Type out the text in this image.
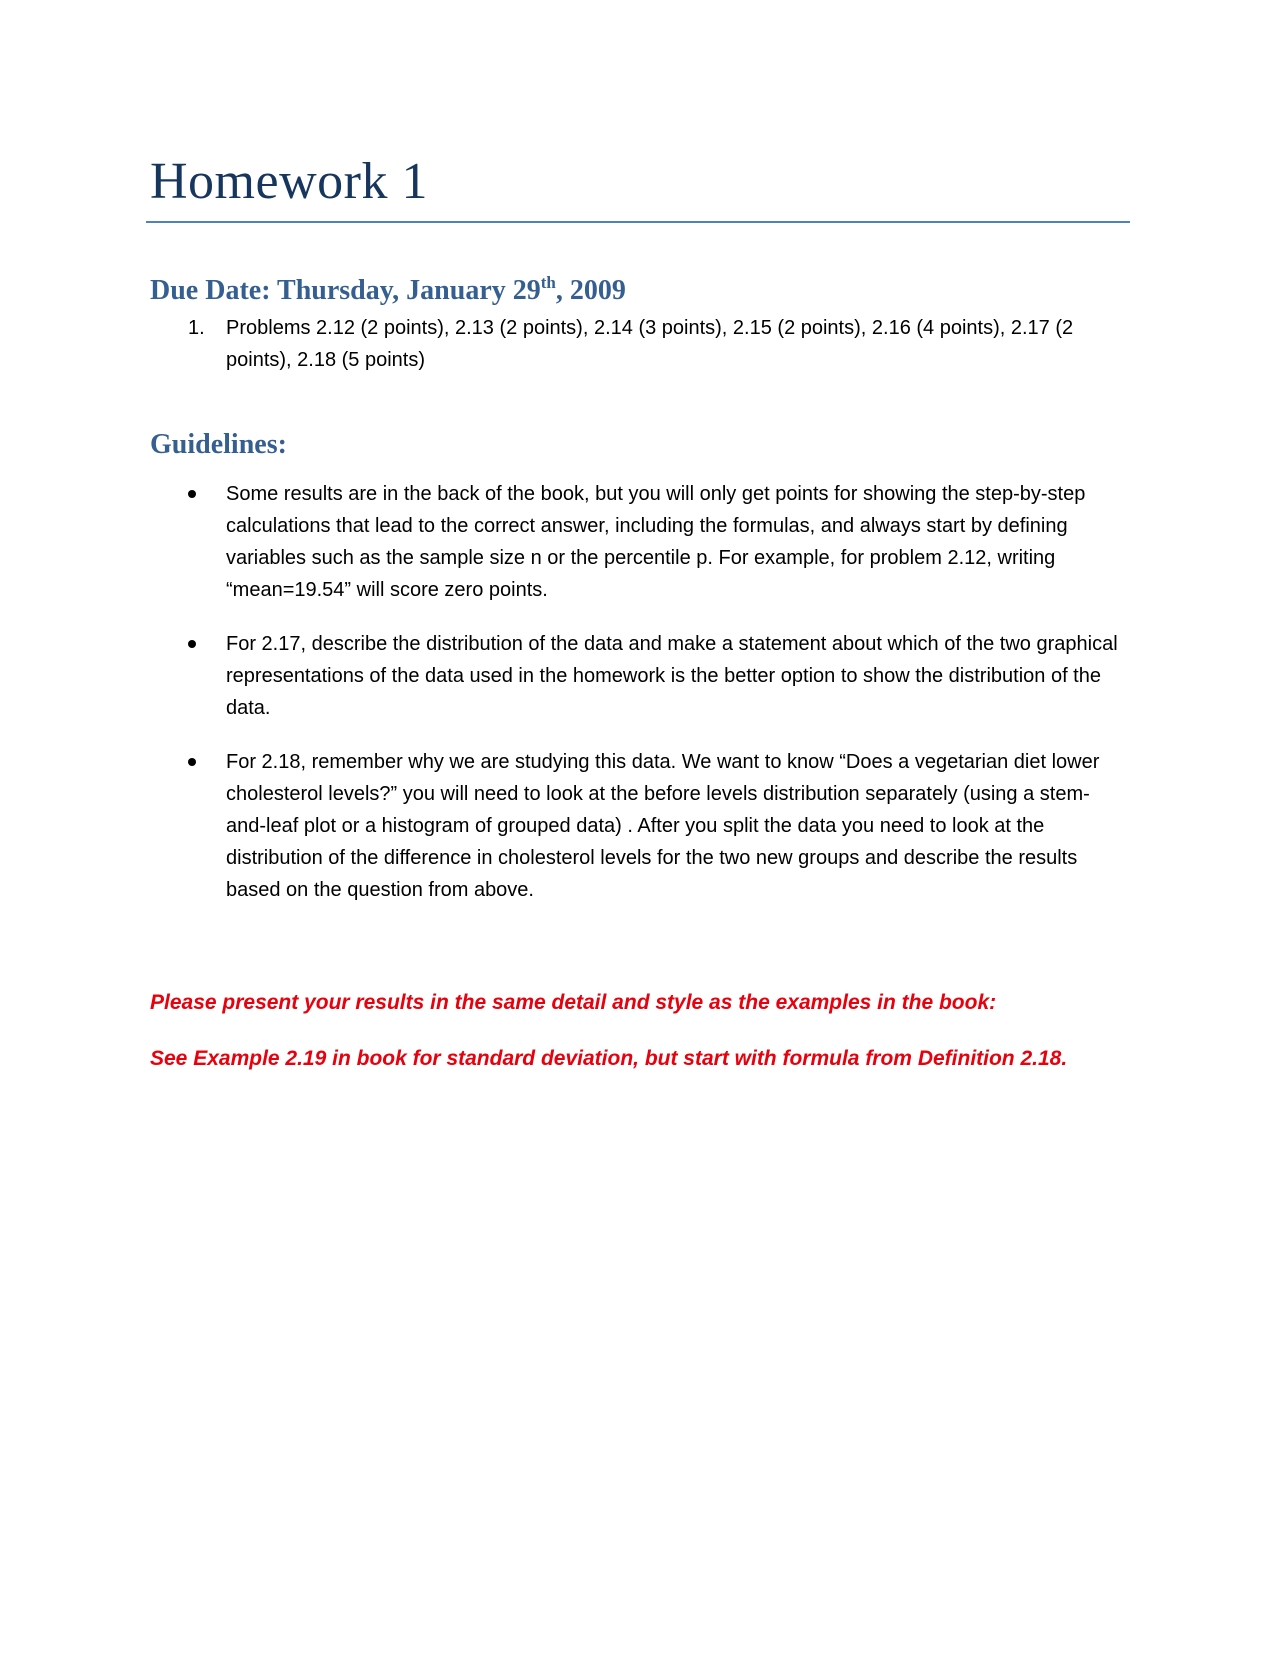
Homework 1
Due Date: Thursday, January 29th, 2009
1. Problems 2.12 (2 points), 2.13 (2 points), 2.14 (3 points), 2.15 (2 points), 2.16 (4 points), 2.17 (2 points), 2.18 (5 points)
Guidelines:
Some results are in the back of the book, but you will only get points for showing the step-by-step calculations that lead to the correct answer, including the formulas, and always start by defining variables such as the sample size n or the percentile p. For example, for problem 2.12, writing “mean=19.54” will score zero points.
For 2.17, describe the distribution of the data and make a statement about which of the two graphical representations of the data used in the homework is the better option to show the distribution of the data.
For 2.18, remember why we are studying this data. We want to know “Does a vegetarian diet lower cholesterol levels?” you will need to look at the before levels distribution separately (using a stem-and-leaf plot or a histogram of grouped data) . After you split the data you need to look at the distribution of the difference in cholesterol levels for the two new groups and describe the results based on the question from above.

Please present your results in the same detail and style as the examples in the book:

See Example 2.19 in book for standard deviation, but start with formula from Definition 2.18.
